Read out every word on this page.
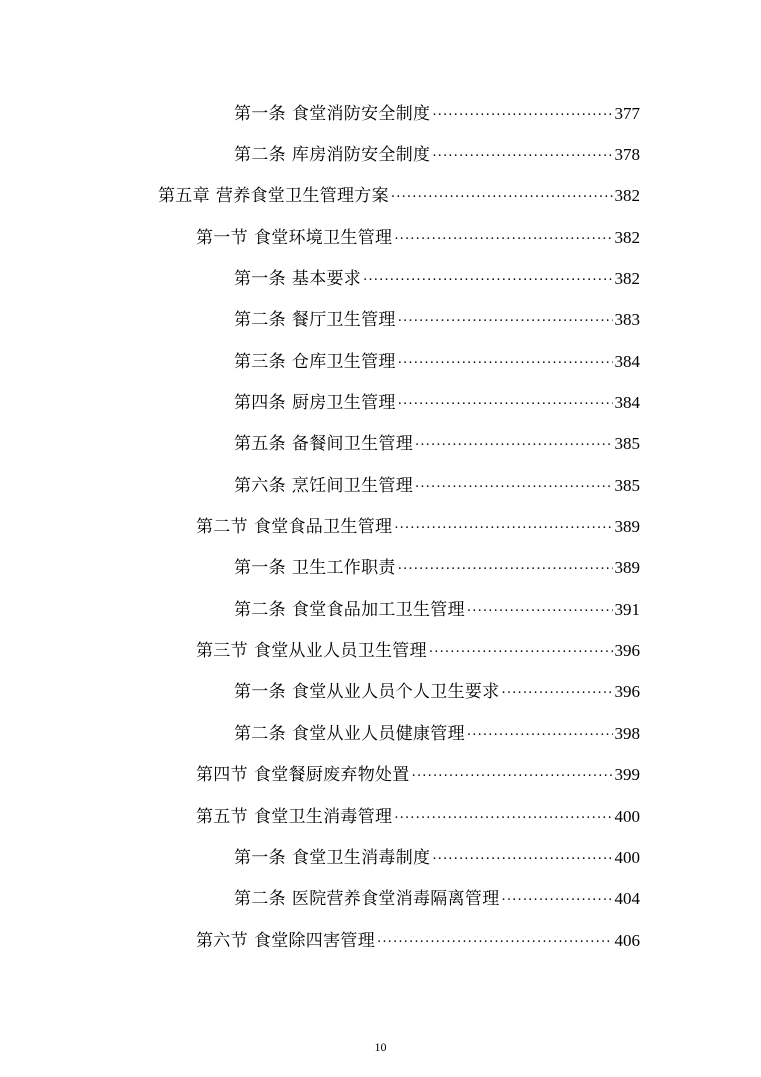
第一条 食堂消防安全制度 .....	377
第二条 库房消防安全制度 .....	378
第五章 营养食堂卫生管理方案 .....	382
第一节 食堂环境卫生管理 .....	382
第一条 基本要求 .....	382
第二条 餐厅卫生管理 .....	383
第三条 仓库卫生管理 .....	384
第四条 厨房卫生管理 .....	384
第五条 备餐间卫生管理 .....	385
第六条 烹饪间卫生管理 .....	385
第二节 食堂食品卫生管理 .....	389
第一条 卫生工作职责 .....	389
第二条 食堂食品加工卫生管理 .....	391
第三节 食堂从业人员卫生管理 .....	396
第一条 食堂从业人员个人卫生要求 .....	396
第二条 食堂从业人员健康管理 .....	398
第四节 食堂餐厨废弃物处置 .....	399
第五节 食堂卫生消毒管理 .....	400
第一条 食堂卫生消毒制度 .....	400
第二条 医院营养食堂消毒隔离管理 .....	404
第六节 食堂除四害管理 .....	406
10
